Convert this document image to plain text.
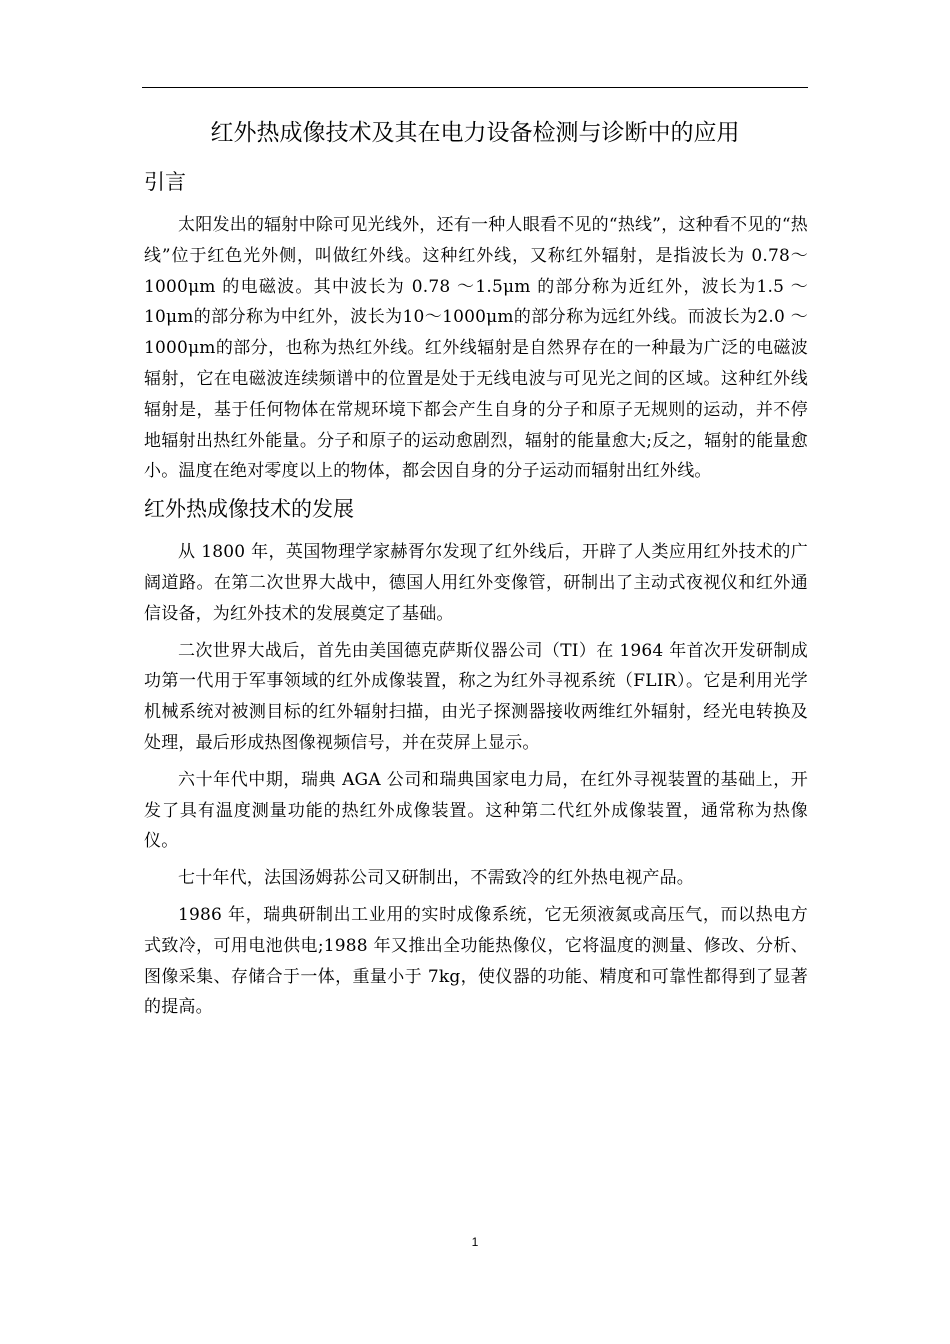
红外热成像技术及其在电力设备检测与诊断中的应用
引言

太阳发出的辐射中除可见光线外，还有一种人眼看不见的“热线”，这种看不见的“热线”位于红色光外侧，叫做红外线。这种红外线，又称红外辐射，是指波长为 0.78～1000μm 的电磁波。其中波长为 0.78 ～1.5μm 的部分称为近红外，波长为1.5 ～10μm的部分称为中红外，波长为10～1000μm的部分称为远红外线。而波长为2.0 ～1000μm的部分，也称为热红外线。红外线辐射是自然界存在的一种最为广泛的电磁波辐射，它在电磁波连续频谱中的位置是处于无线电波与可见光之间的区域。这种红外线辐射是，基于任何物体在常规环境下都会产生自身的分子和原子无规则的运动，并不停地辐射出热红外能量。分子和原子的运动愈剧烈，辐射的能量愈大;反之，辐射的能量愈小。温度在绝对零度以上的物体，都会因自身的分子运动而辐射出红外线。

红外热成像技术的发展

从 1800 年，英国物理学家赫胥尔发现了红外线后，开辟了人类应用红外技术的广阔道路。在第二次世界大战中，德国人用红外变像管，研制出了主动式夜视仪和红外通信设备，为红外技术的发展奠定了基础。

二次世界大战后，首先由美国德克萨斯仪器公司（TI）在 1964 年首次开发研制成功第一代用于军事领域的红外成像装置，称之为红外寻视系统（FLIR）。它是利用光学机械系统对被测目标的红外辐射扫描，由光子探测器接收两维红外辐射，经光电转换及处理，最后形成热图像视频信号，并在荧屏上显示。

六十年代中期，瑞典 AGA 公司和瑞典国家电力局，在红外寻视装置的基础上，开发了具有温度测量功能的热红外成像装置。这种第二代红外成像装置，通常称为热像仪。

七十年代，法国汤姆荪公司又研制出，不需致冷的红外热电视产品。

1986 年，瑞典研制出工业用的实时成像系统，它无须液氮或高压气，而以热电方式致冷，可用电池供电;1988 年又推出全功能热像仪，它将温度的测量、修改、分析、图像采集、存储合于一体，重量小于 7kg，使仪器的功能、精度和可靠性都得到了显著的提高。

1
